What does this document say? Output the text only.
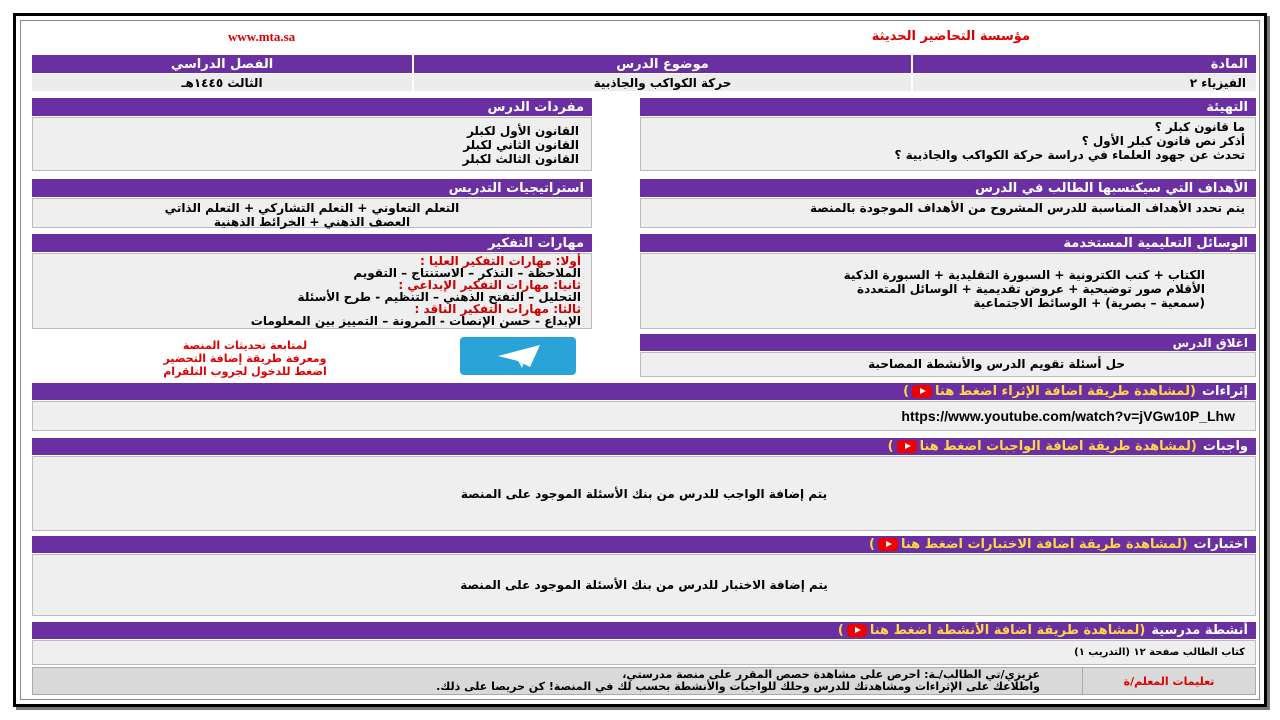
www.mta.sa	مؤسسة التحاضير الحديثة
الفصل الدراسي	موضوع الدرس	المادة
الثالث ١٤٤٥هـ	حركة الكواكب والجاذبية	الفيزياء ٢
التهيئة
ما قانون كبلر ؟
أذكر نص قانون كبلر الأول ؟
تحدث عن جهود العلماء في دراسة حركة الكواكب والجاذبية ؟
مفردات الدرس
القانون الأول لكبلر
القانون الثاني لكبلر
القانون الثالث لكبلر
الأهداف التي سيكتسبها الطالب في الدرس
يتم تحدد الأهداف المناسبة للدرس المشروح من الأهداف الموجودة بالمنصة
استراتيجيات التدريس
التعلم التعاوني + التعلم التشاركي + التعلم الذاتي
العصف الذهني + الخرائط الذهنية
الوسائل التعليمية المستخدمة
الكتاب + كتب الكترونية + السبورة التقليدية + السبورة الذكية
الأقلام صور توضيحية + عروض تقديمية + الوسائل المتعددة
(سمعية – بصرية) + الوسائط الاجتماعية
مهارات التفكير
أولا: مهارات التفكير العليا :
الملاحظة – التذكر – الاستنتاج – التقويم
ثانيا: مهارات التفكير الإبداعي :
التحليل – التفتح الذهني – التنظيم - طرح الأسئلة
ثالثا: مهارات التفكير الناقد :
الإبداع - حسن الإنصات - المرونة – التمييز بين المعلومات
لمتابعة تحديثات المنصة
ومعرفة طريقة إضافة التحضير
اضغط للدخول لجروب التلقرام
اغلاق الدرس
حل أسئلة تقويم الدرس والأنشطة المصاحبة
إثراءات
(لمشاهدة طريقة اضافة الإثراء اضغط هنا)
https://www.youtube.com/watch?v=jVGw10P_Lhw
واجبات
(لمشاهدة طريقة اضافة الواجبات اضغط هنا)
يتم إضافة الواجب للدرس من بنك الأسئلة الموجود على المنصة
اختبارات
(لمشاهدة طريقة اضافة الاختبارات اضغط هنا)
يتم إضافة الاختبار للدرس من بنك الأسئلة الموجود على المنصة
أنشطة مدرسية
(لمشاهدة طريقة اضافة الأنشطة اضغط هنا)
كتاب الطالب صفحة ١٢ (التدريب ١)
تعليمات المعلم/ة
عزيزي/تي الطالب/ـة: احرص على مشاهدة حصص المقرر على منصة مدرستي،
واطلاعك على الإثراءات ومشاهدتك للدرس وحلك للواجبات والأنشطة بحسب لك في المنصة! كن حريصا على ذلك.
